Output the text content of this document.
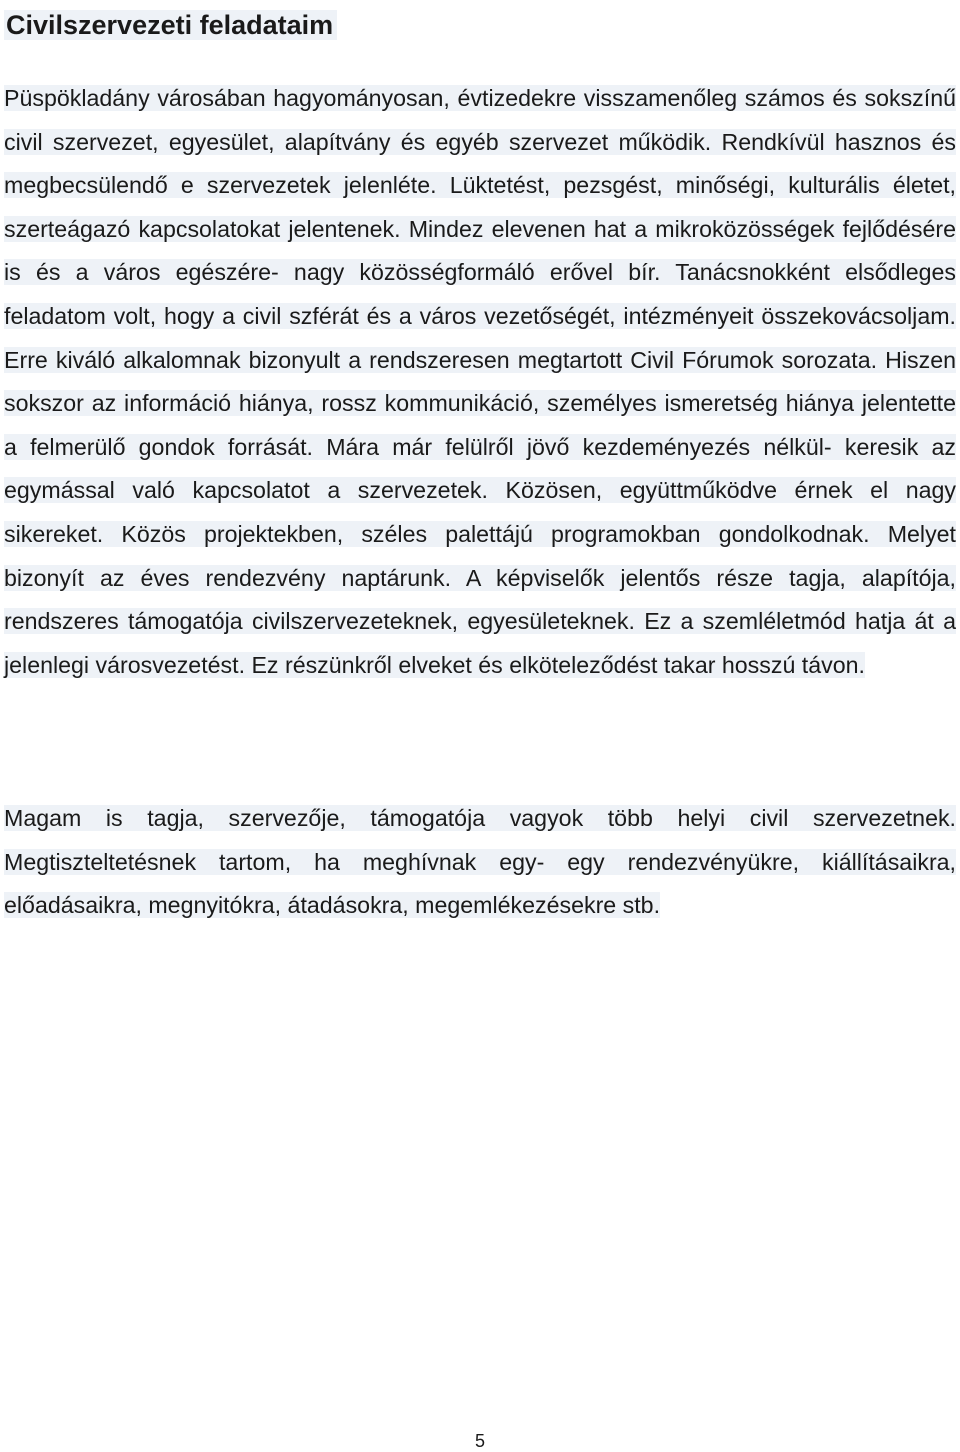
Civilszervezeti feladataim

Püspökladány városában hagyományosan, évtizedekre visszamenőleg számos és sokszínű civil szervezet, egyesület, alapítvány és egyéb szervezet működik. Rendkívül hasznos és megbecsülendő e szervezetek jelenléte. Lüktetést, pezsgést, minőségi, kulturális életet, szerteágazó kapcsolatokat jelentenek. Mindez elevenen hat a mikroközösségek fejlődésére is és a város egészére- nagy közösségformáló erővel bír. Tanácsnokként elsődleges feladatom volt, hogy a civil szférát és a város vezetőségét, intézményeit összekovácsoljam. Erre kiváló alkalomnak bizonyult a rendszeresen megtartott Civil Fórumok sorozata. Hiszen sokszor az információ hiánya, rossz kommunikáció, személyes ismeretség hiánya jelentette a felmerülő gondok forrását. Mára már felülről jövő kezdeményezés nélkül- keresik az egymással való kapcsolatot a szervezetek. Közösen, együttműködve érnek el nagy sikereket. Közös projektekben, széles palettájú programokban gondolkodnak. Melyet bizonyít az éves rendezvény naptárunk. A képviselők jelentős része tagja, alapítója, rendszeres támogatója civilszervezeteknek, egyesületeknek. Ez a szemléletmód hatja át a jelenlegi városvezetést. Ez részünkről elveket és elköteleződést takar hosszú távon.

Magam is tagja, szervezője, támogatója vagyok több helyi civil szervezetnek. Megtiszteltetésnek tartom, ha meghívnak egy- egy rendezvényükre, kiállításaikra, előadásaikra, megnyitókra, átadásokra, megemlékezésekre stb.

5
